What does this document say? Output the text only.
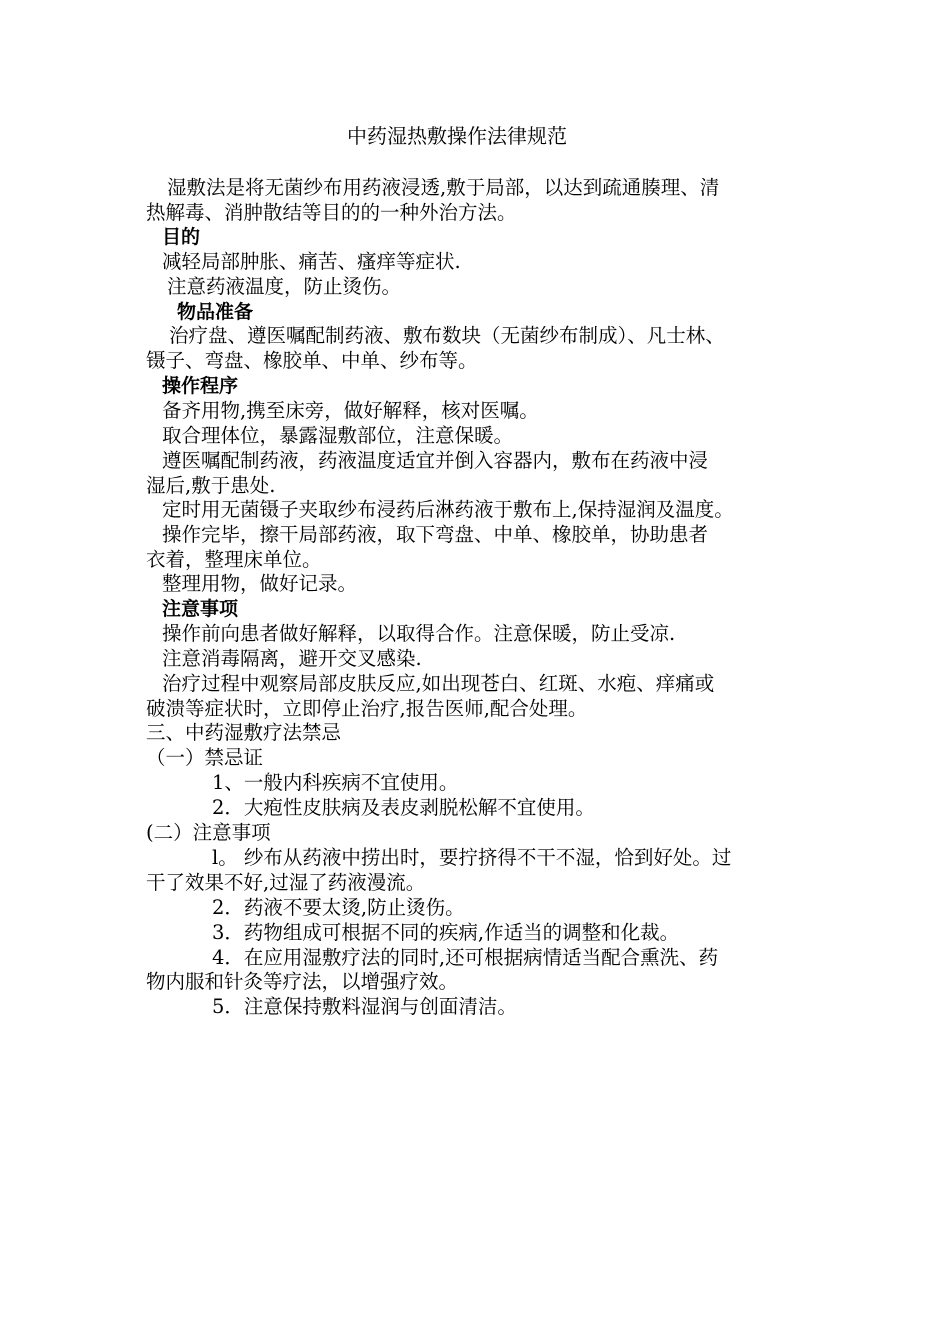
中药湿热敷操作法律规范

湿敷法是将无菌纱布用药液浸透,敷于局部，以达到疏通腠理、清

热解毒、消肿散结等目的的一种外治方法。

目的

减轻局部肿胀、痛苦、瘙痒等症状.

注意药液温度，防止烫伤。

物品准备

治疗盘、遵医嘱配制药液、敷布数块（无菌纱布制成）、凡士林、

镊子、弯盘、橡胶单、中单、纱布等。

操作程序

备齐用物,携至床旁，做好解释，核对医嘱。

取合理体位，暴露湿敷部位，注意保暖。

遵医嘱配制药液，药液温度适宜并倒入容器内，敷布在药液中浸

湿后,敷于患处.

定时用无菌镊子夹取纱布浸药后淋药液于敷布上,保持湿润及温度。

操作完毕，擦干局部药液，取下弯盘、中单、橡胶单，协助患者

衣着，整理床单位。

整理用物，做好记录。

注意事项

操作前向患者做好解释，以取得合作。注意保暖，防止受凉.

注意消毒隔离，避开交叉感染.

治疗过程中观察局部皮肤反应,如出现苍白、红斑、水疱、痒痛或

破溃等症状时，立即停止治疗,报告医师,配合处理。

三、中药湿敷疗法禁忌

（一）禁忌证

1、一般内科疾病不宜使用。

2．大疱性皮肤病及表皮剥脱松解不宜使用。

(二）注意事项

l。 纱布从药液中捞出时，要拧挤得不干不湿，恰到好处。过

干了效果不好,过湿了药液漫流。

2．药液不要太烫,防止烫伤。

3．药物组成可根据不同的疾病,作适当的调整和化裁。

4．在应用湿敷疗法的同时,还可根据病情适当配合熏洗、药

物内服和针灸等疗法，以增强疗效。

5．注意保持敷料湿润与创面清洁。
